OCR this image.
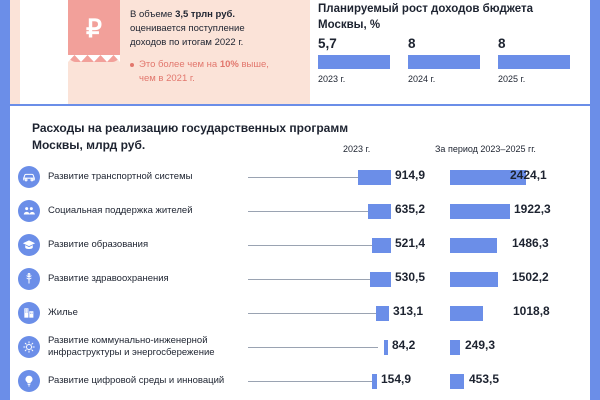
₽
В объеме 3,5 трлн руб.
оценивается поступление
доходов по итогам 2022 г.
Это более чем на 10% выше,
чем в 2021 г.
Планируемый рост доходов бюджета Москвы, %
5,7
2023 г.
8
2024 г.
8
2025 г.
Расходы на реализацию государственных программ Москвы, млрд руб.	2023 г.	За период 2023–2025 гг.
Развитие транспортной системы	914,9	2424,1
Социальная поддержка жителей	635,2	1922,3
Развитие образования	521,4	1486,3
Развитие здравоохранения	530,5	1502,2
Жилье	313,1	1018,8
Развитие коммунально-инженерной инфраструктуры и энергосбережение
84,2	249,3
Развитие цифровой среды и инноваций	154,9	453,5
